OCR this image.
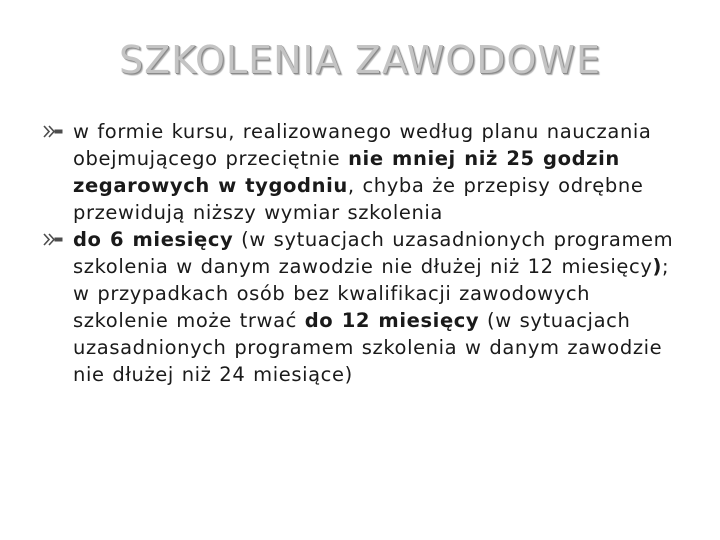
SZKOLENIA ZAWODOWE
w formie kursu, realizowanego według planu nauczania obejmującego przeciętnie nie mniej niż 25 godzin zegarowych w tygodniu, chyba że przepisy odrębne przewidują niższy wymiar szkolenia
do 6 miesięcy (w sytuacjach uzasadnionych programem szkolenia w danym zawodzie nie dłużej niż 12 miesięcy); w przypadkach osób bez kwalifikacji zawodowych szkolenie może trwać do 12 miesięcy (w sytuacjach uzasadnionych programem szkolenia w danym zawodzie nie dłużej niż 24 miesiące)
